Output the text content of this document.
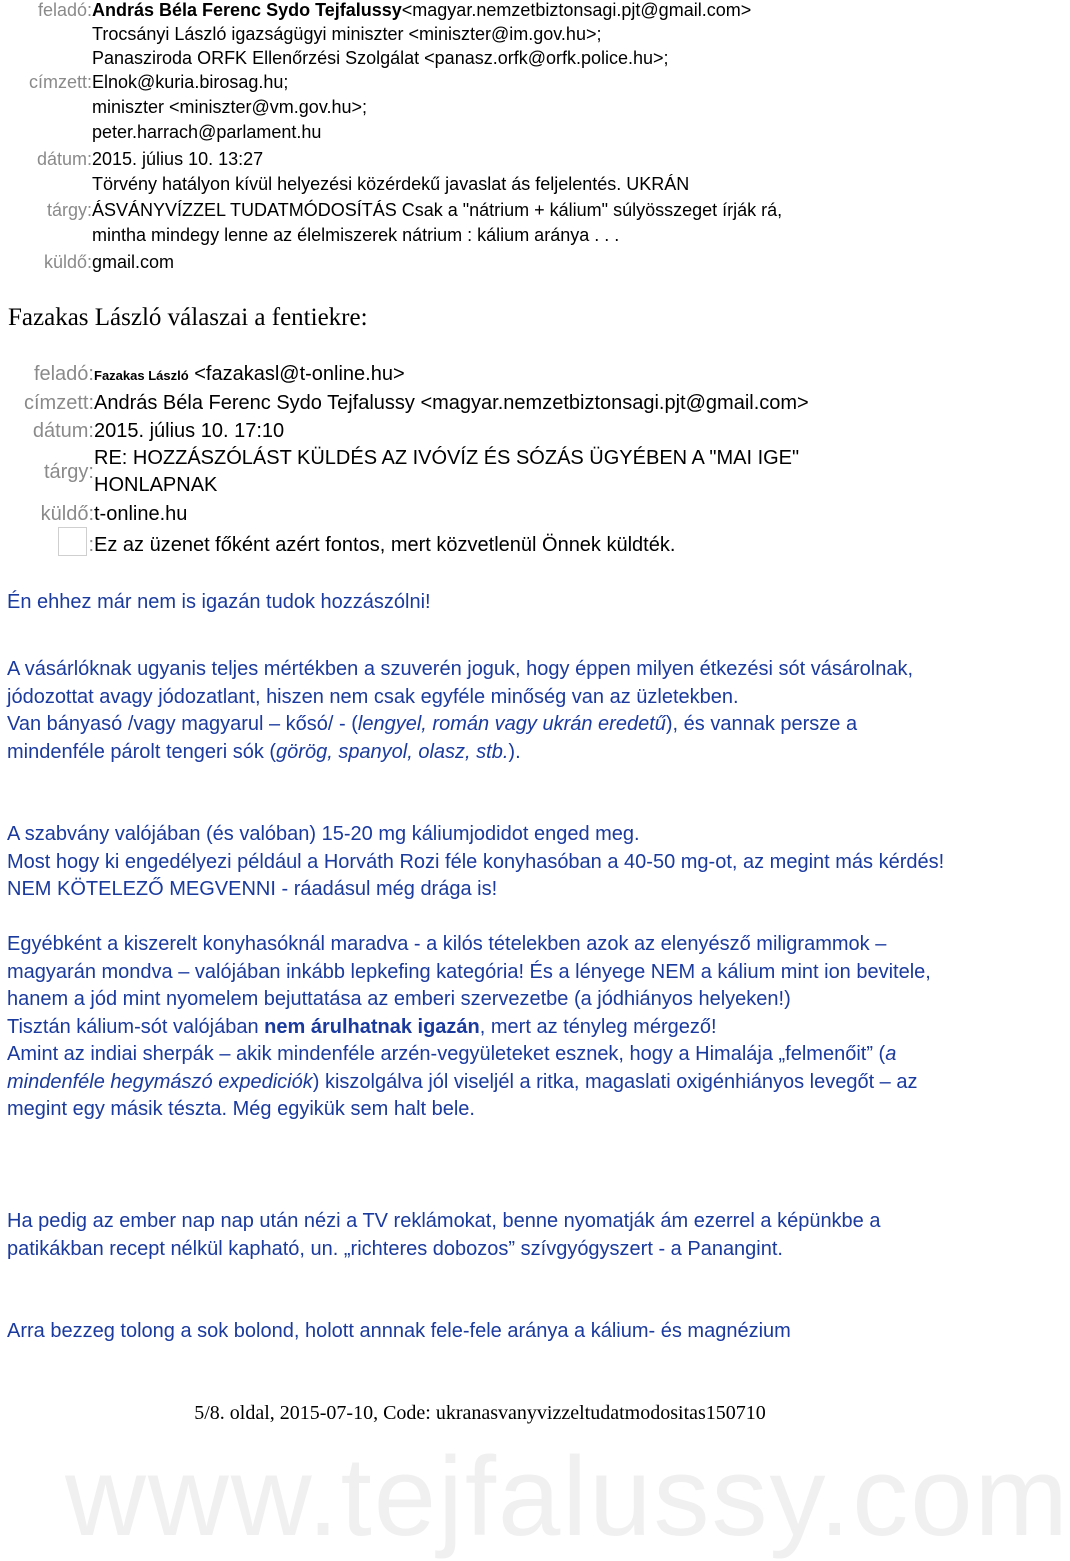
feladó: András Béla Ferenc Sydo Tejfalussy<magyar.nemzetbiztonsagi.pjt@gmail.com>
Trocsányi László igazságügyi miniszter <miniszter@im.gov.hu>;
Panasziroda ORFK Ellenőrzési Szolgálat <panasz.orfk@orfk.police.hu>;
címzett: Elnok@kuria.birosag.hu;
miniszter <miniszter@vm.gov.hu>;
peter.harrach@parlament.hu
dátum: 2015. július 10. 13:27
Törvény hatályon kívül helyezési közérdekű javaslat ás feljelentés. UKRÁN
tárgy: ÁSVÁNYVÍZZEL TUDATMÓDOSÍTÁS Csak a "nátrium + kálium" súlyösszeget írják rá,
mintha mindegy lenne az élelmiszerek nátrium : kálium aránya . . .
küldő: gmail.com
Fazakas László válaszai a fentiekre:
feladó: Fazakas László <fazakasl@t-online.hu>
címzett: András Béla Ferenc Sydo Tejfalussy <magyar.nemzetbiztonsagi.pjt@gmail.com>
dátum: 2015. július 10. 17:10
RE: HOZZÁSZÓLÁST KÜLDÉS AZ IVÓVÍZ ÉS SÓZÁS ÜGYÉBEN A "MAI IGE"
tárgy:
HONLAPNAK
küldő: t-online.hu
: Ez az üzenet főként azért fontos, mert közvetlenül Önnek küldték.

Én ehhez már nem is igazán tudok hozzászólni!

A vásárlóknak ugyanis teljes mértékben a szuverén joguk, hogy éppen milyen étkezési sót vásárolnak, jódozottat avagy jódozatlant, hiszen nem csak egyféle minőség van az üzletekben.

Van bányasó /vagy magyarul – kősó/ - (lengyel, román vagy ukrán eredetű), és vannak persze a mindenféle párolt tengeri sók (görög, spanyol, olasz, stb.).

A szabvány valójában (és valóban) 15-20 mg káliumjodidot enged meg.

Most hogy ki engedélyezi például a Horváth Rozi féle konyhasóban a 40-50 mg-ot, az megint más kérdés! NEM KÖTELEZŐ MEGVENNI - ráadásul még drága is!

Egyébként a kiszerelt konyhasóknál maradva - a kilós tételekben azok az elenyésző miligrammok – magyarán mondva – valójában inkább lepkefing kategória! És a lényege NEM a kálium mint ion bevitele, hanem a jód mint nyomelem bejuttatása az emberi szervezetbe (a jódhiányos helyeken!)

Tisztán kálium-sót valójában nem árulhatnak igazán, mert az tényleg mérgező!

Amint az indiai sherpák – akik mindenféle arzén-vegyületeket esznek, hogy a Himalája „felmenőit” (a mindenféle hegymászó expediciók) kiszolgálva jól viseljél a ritka, magaslati oxigénhiányos levegőt – az

megint egy másik tészta. Még egyikük sem halt bele.

Ha pedig az ember nap nap után nézi a TV reklámokat, benne nyomatják ám ezerrel a képünkbe a patikákban recept nélkül kapható, un. „richteres dobozos” szívgyógyszert - a Panangint.

Arra bezzeg tolong a sok bolond, holott annnak fele-fele aránya a kálium- és magnézium

www.tejfalussy.com
5/8. oldal, 2015-07-10, Code: ukranasvanyvizzeltudatmodositas150710
